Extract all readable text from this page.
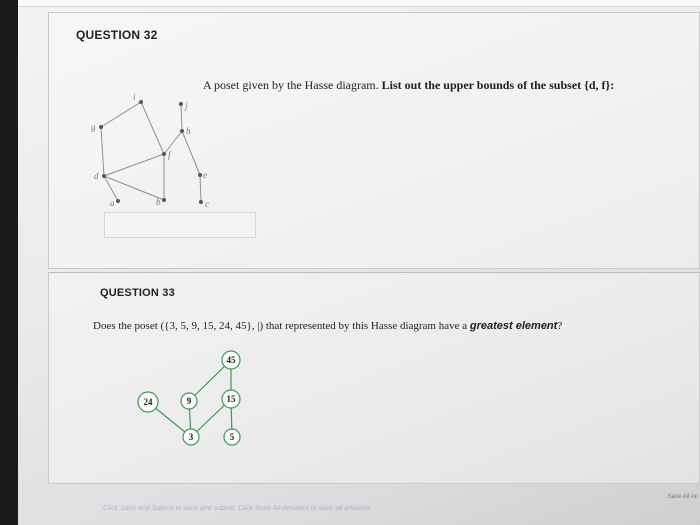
QUESTION 32
A poset given by the Hasse diagram. List out the upper bounds of the subset {d, f}:
i
j
g	h
f
d	e
a	b	c
QUESTION 33
Does the poset ({3, 5, 9, 15, 24, 45}, |) that represented by this Hasse diagram have a greatest element?
45
24	9	15
3	5
Click Save and Submit to save and submit. Click Save All Answers to save all answers.
Save All An
